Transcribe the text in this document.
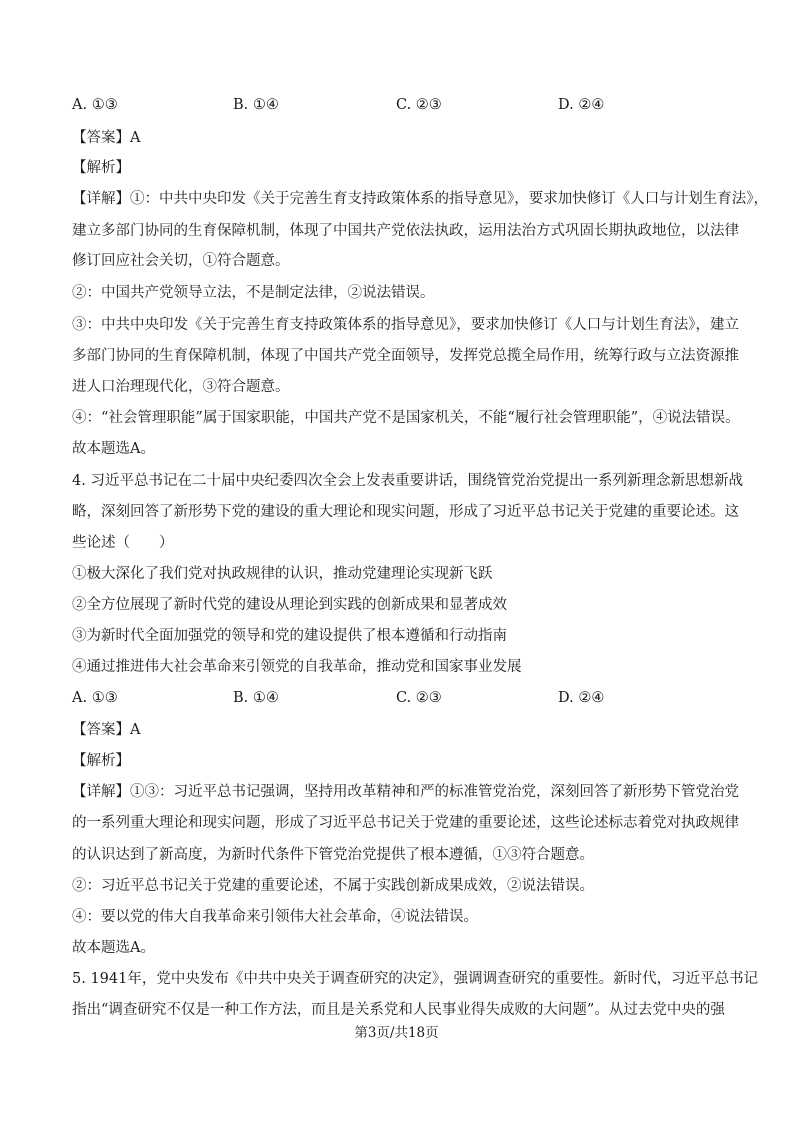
A. ①③	B. ①④	C. ②③	D. ②④
【答案】A
【解析】
【详解】①：中共中央印发《关于完善生育支持政策体系的指导意见》，要求加快修订《人口与计划生育法》，
建立多部门协同的生育保障机制，体现了中国共产党依法执政，运用法治方式巩固长期执政地位，以法律
修订回应社会关切，①符合题意。
②：中国共产党领导立法，不是制定法律，②说法错误。
③：中共中央印发《关于完善生育支持政策体系的指导意见》，要求加快修订《人口与计划生育法》，建立
多部门协同的生育保障机制，体现了中国共产党全面领导，发挥党总揽全局作用，统筹行政与立法资源推
进人口治理现代化，③符合题意。
④：“社会管理职能”属于国家职能，中国共产党不是国家机关，不能“履行社会管理职能”，④说法错误。
故本题选A。
4. 习近平总书记在二十届中央纪委四次全会上发表重要讲话，围绕管党治党提出一系列新理念新思想新战
略，深刻回答了新形势下党的建设的重大理论和现实问题，形成了习近平总书记关于党建的重要论述。这
些论述（　　）
①极大深化了我们党对执政规律的认识，推动党建理论实现新飞跃
②全方位展现了新时代党的建设从理论到实践的创新成果和显著成效
③为新时代全面加强党的领导和党的建设提供了根本遵循和行动指南
④通过推进伟大社会革命来引领党的自我革命，推动党和国家事业发展
A. ①③	B. ①④	C. ②③	D. ②④
【答案】A
【解析】
【详解】①③：习近平总书记强调，坚持用改革精神和严的标准管党治党，深刻回答了新形势下管党治党
的一系列重大理论和现实问题，形成了习近平总书记关于党建的重要论述，这些论述标志着党对执政规律
的认识达到了新高度，为新时代条件下管党治党提供了根本遵循，①③符合题意。
②：习近平总书记关于党建的重要论述，不属于实践创新成果成效，②说法错误。
④：要以党的伟大自我革命来引领伟大社会革命，④说法错误。
故本题选A。
5. 1941年，党中央发布《中共中央关于调查研究的决定》，强调调查研究的重要性。新时代，习近平总书记
指出“调查研究不仅是一种工作方法，而且是关系党和人民事业得失成败的大问题”。从过去党中央的强
第3页/共18页
